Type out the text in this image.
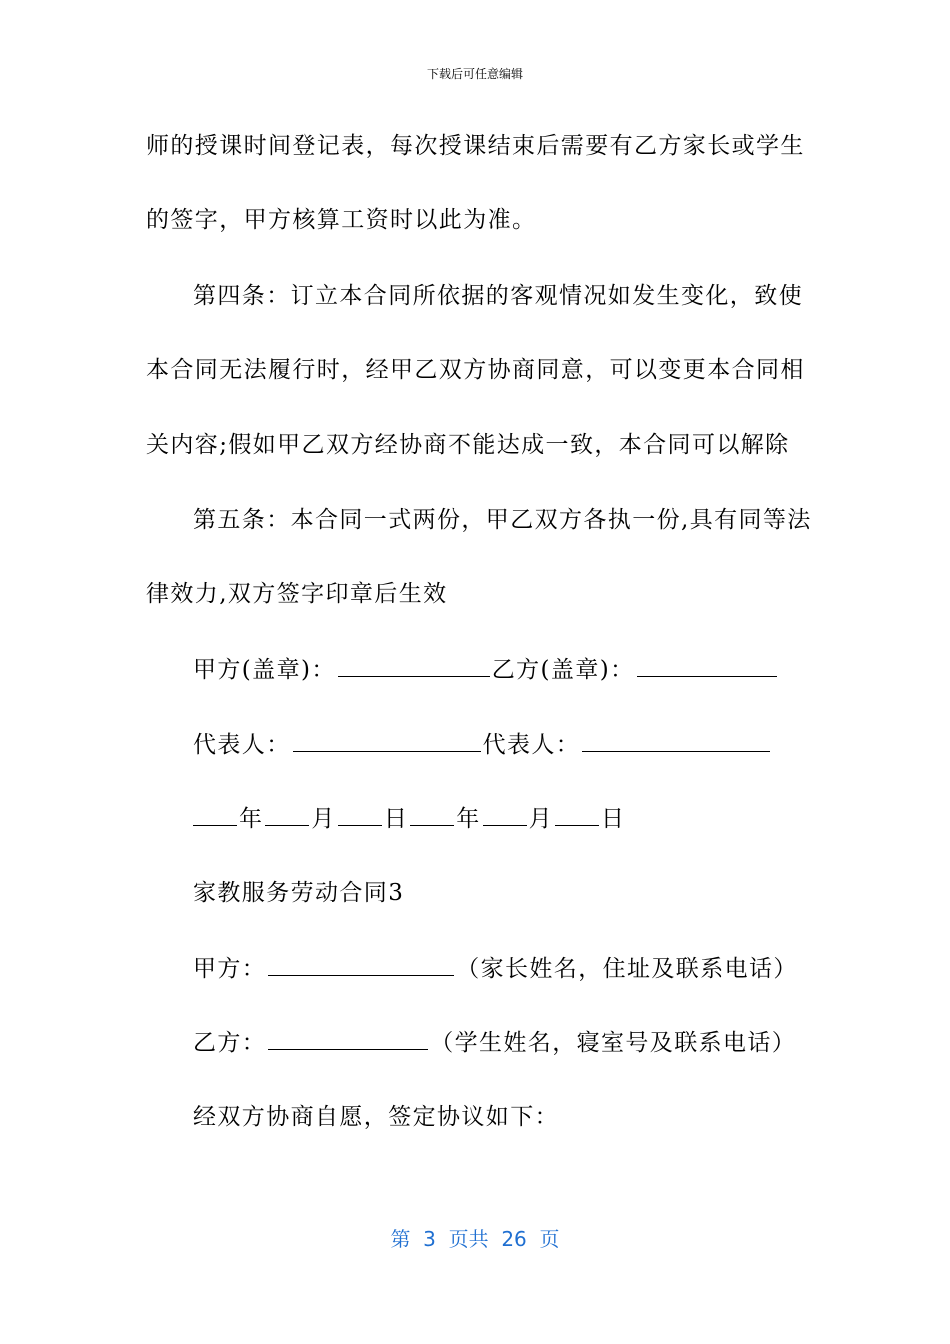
下载后可任意编辑
师的授课时间登记表，每次授课结束后需要有乙方家长或学生
的签字，甲方核算工资时以此为准。
第四条：订立本合同所依据的客观情况如发生变化，致使
本合同无法履行时，经甲乙双方协商同意，可以变更本合同相
关内容;假如甲乙双方经协商不能达成一致，本合同可以解除
第五条：本合同一式两份，甲乙双方各执一份,具有同等法
律效力,双方签字印章后生效
甲方(盖章)：	乙方(盖章)：
代表人：	代表人：
年 月 日 年 月 日
家教服务劳动合同3
甲方：	（家长姓名，住址及联系电话）
乙方：	（学生姓名，寝室号及联系电话）
经双方协商自愿，签定协议如下：
第  3  页共  26  页
